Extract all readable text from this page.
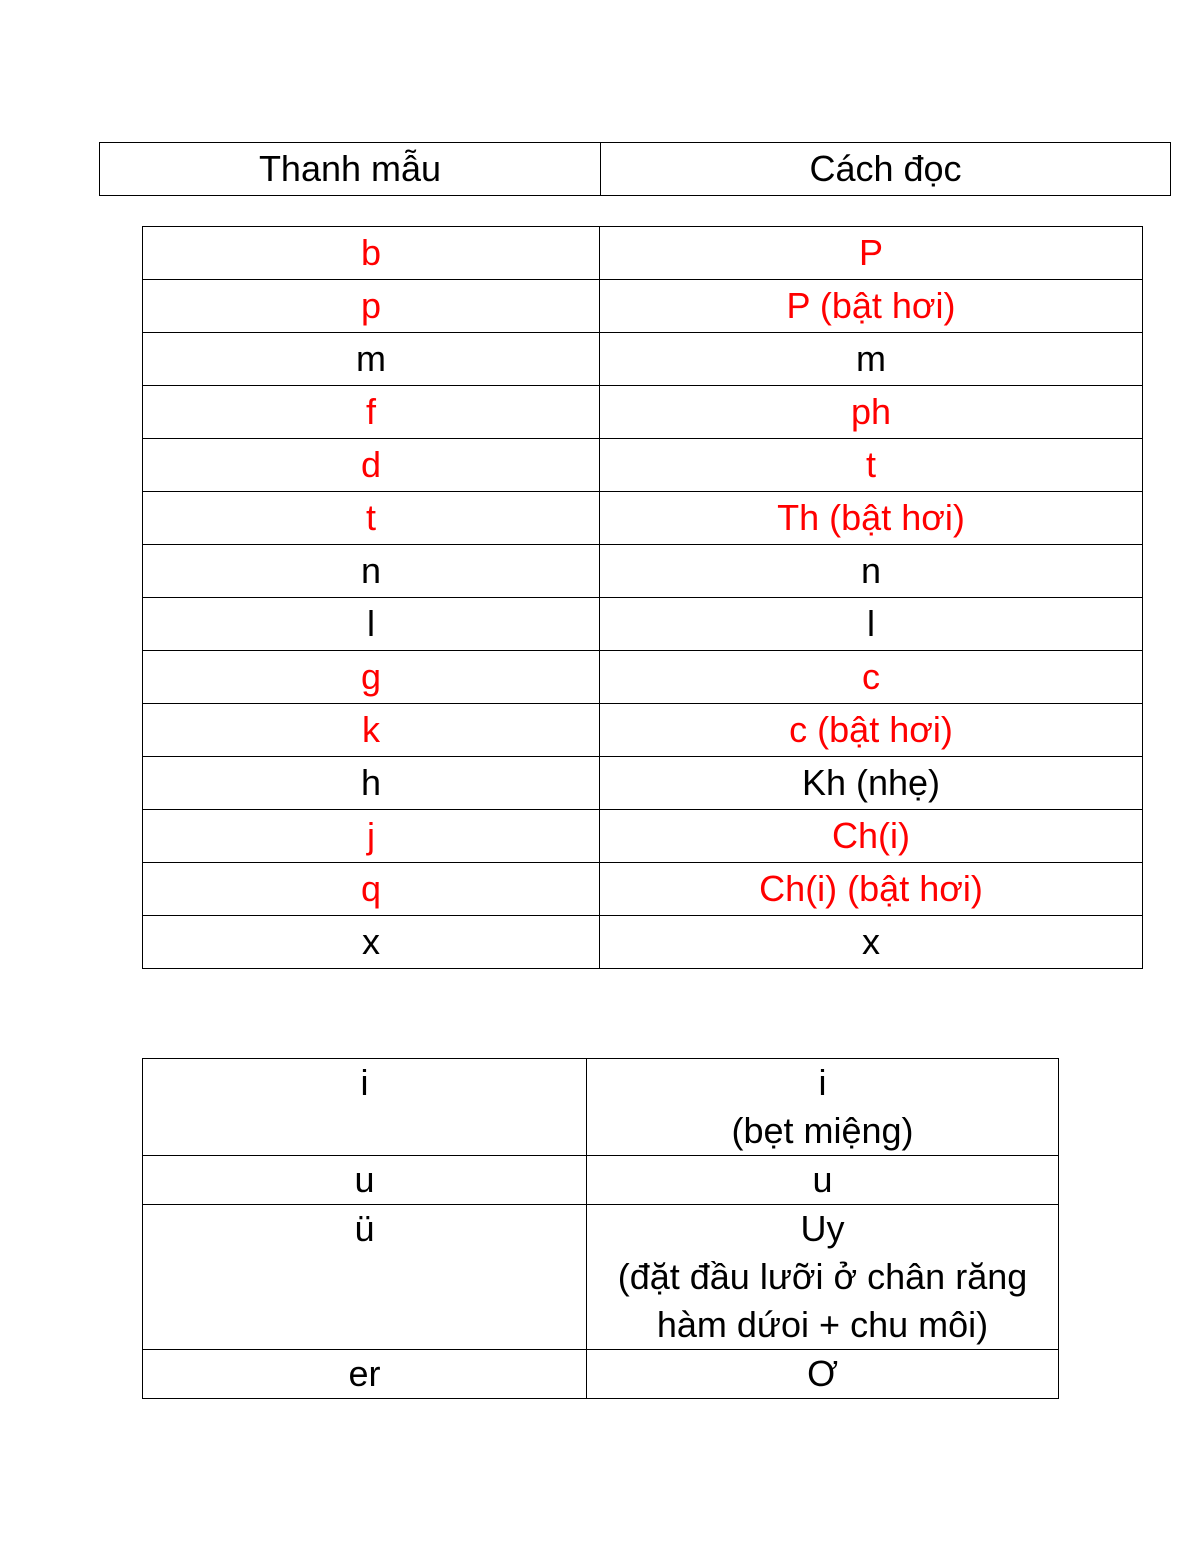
Thanh mẫu	Cách đọc
b	P
p	P (bật hơi)
m	m
f	ph
d	t
t	Th (bật hơi)
n	n
l	l
g	c
k	c (bật hơi)
h	Kh (nhẹ)
j	Ch(i)
q	Ch(i) (bật hơi)
x	x
i	i
(bẹt miệng)

u	u

ü	Uy
(đặt đầu lưỡi ở chân răng
hàm dứoi + chu môi)

er	Ơ
